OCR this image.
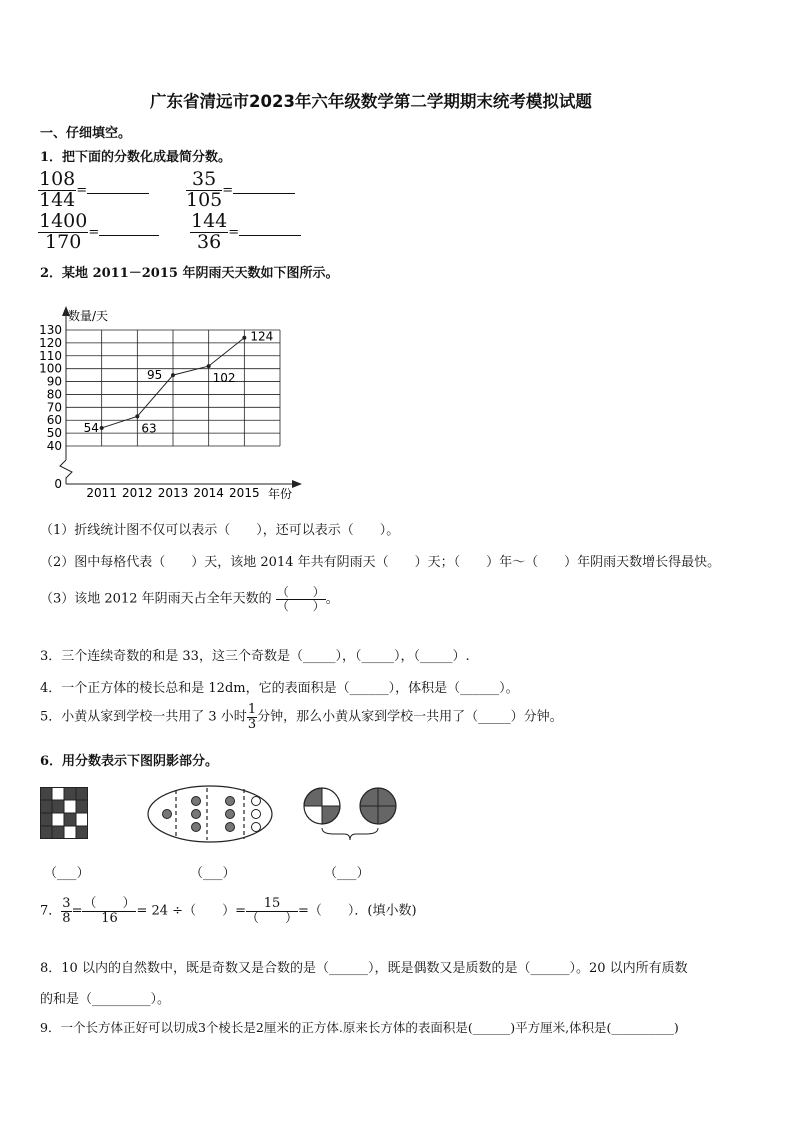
广东省清远市2023年六年级数学第二学期期末统考模拟试题
一、仔细填空。
1．把下面的分数化成最简分数。
$\frac{108}{144}$ =	$\frac{35}{105}$ =
$\frac{1400}{170}$ =	$\frac{144}{36}$ =
2．某地 2011－2015 年阴雨天天数如下图所示。
0
40
50
60
70
80
90
100
110
120
130
2011 2012 2013 2014 2015
54	63
95	102
124
数量/天
年份
（1）折线统计图不仅可以表示（　　），还可以表示（　　）。
（2）图中每格代表（　　）天，该地 2014 年共有阴雨天（　　）天；（　　）年～（　　）年阴雨天数增长得最快。
（3）该地 2012 年阴雨天占全年天数的 $\frac{( )}{( )}$ 。
3．三个连续奇数的和是 33，这三个奇数是（_____），（_____），（_____）.
4．一个正方体的棱长总和是 12dm，它的表面积是（______），体积是（______）。
5．小黄从家到学校一共用了 3 小时 $\frac{1}{3}$ 分钟，那么小黄从家到学校一共用了（_____）分钟。
6．用分数表示下图阴影部分。
（___）	（___）	（___）
7． $\frac{3}{8} = \frac{( )}{16} = 24$ ÷（　　）= $\frac{15}{( )}$ =（　　）．(填小数)
8．10 以内的自然数中，既是奇数又是合数的是（______），既是偶数又是质数的是（______）。20 以内所有质数
的和是（_________）。
9．一个长方体正好可以切成3个棱长是2厘米的正方体.原来长方体的表面积是(______)平方厘米,体积是(__________)
